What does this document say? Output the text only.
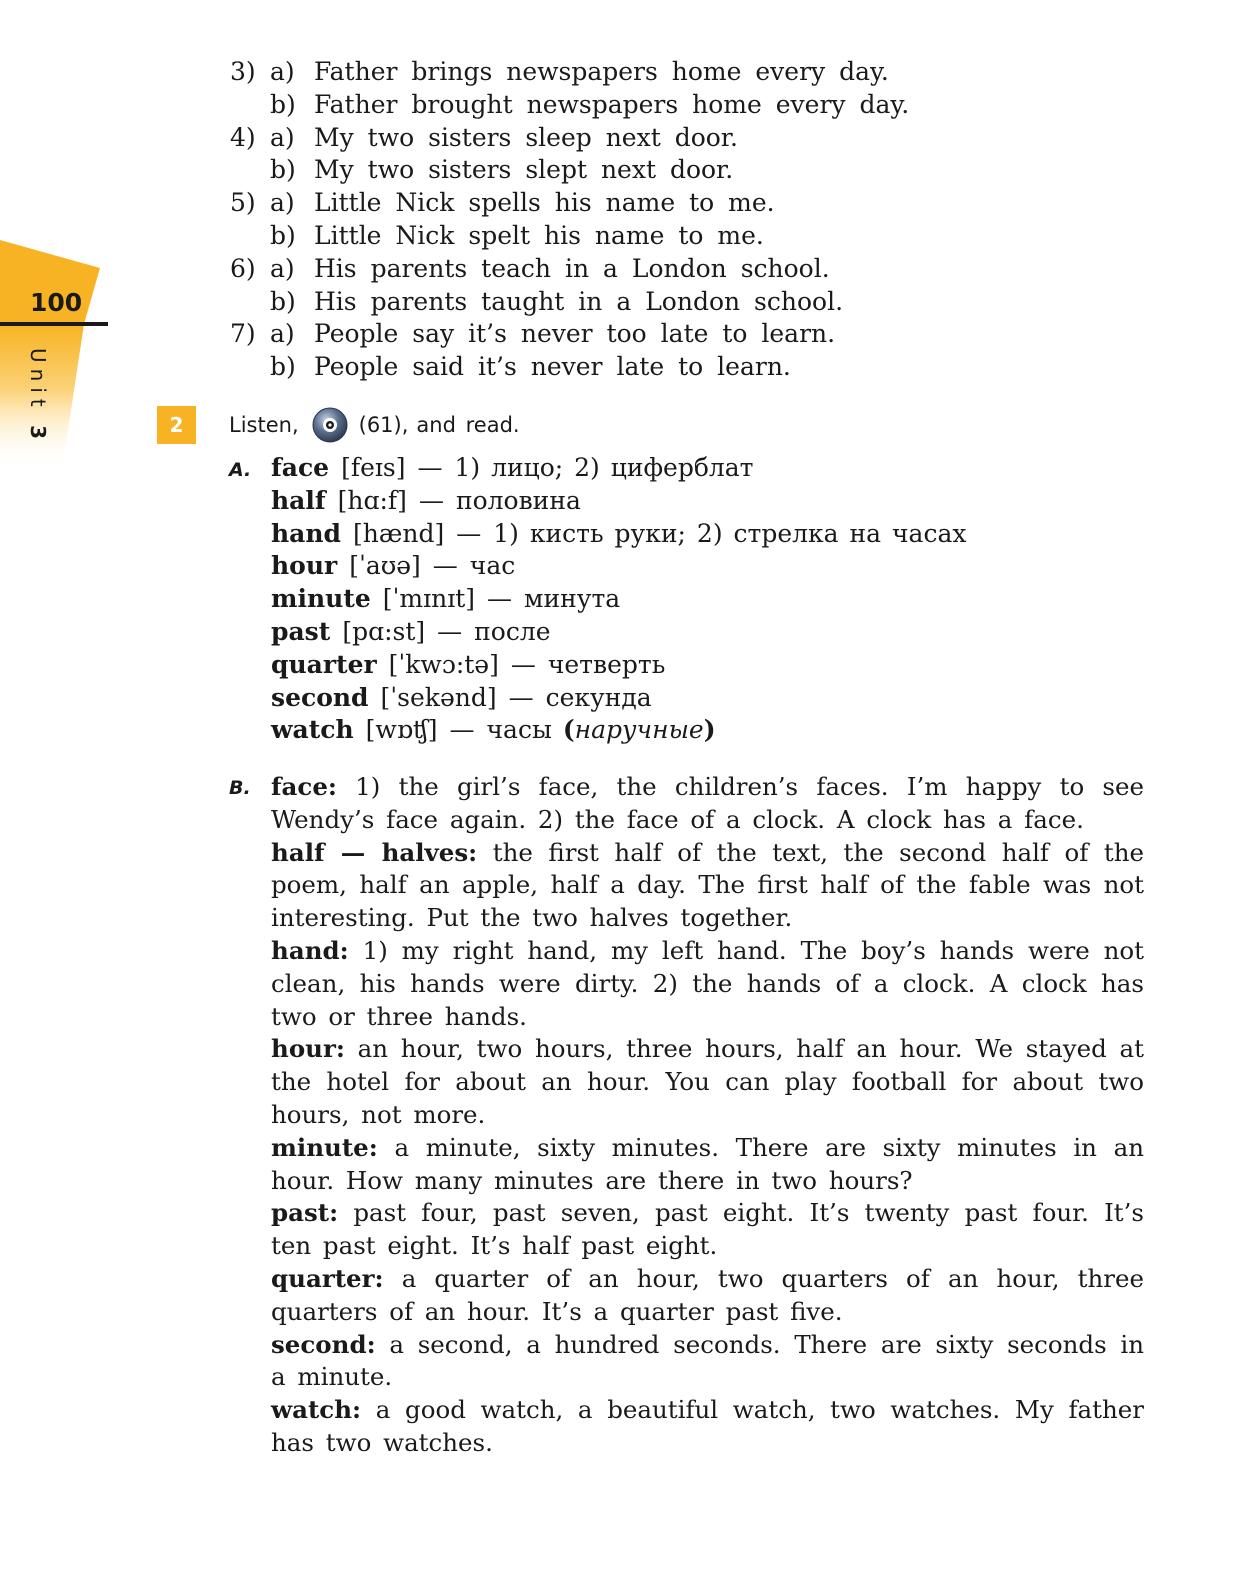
100
Unit 3
3) a) Father brings newspapers home every day.
b) Father brought newspapers home every day.
4) a) My two sisters sleep next door.
b) My two sisters slept next door.
5) a) Little Nick spells his name to me.
b) Little Nick spelt his name to me.
6) a) His parents teach in a London school.
b) His parents taught in a London school.
7) a) People say it’s never too late to learn.
b) People said it’s never late to learn.
2	Listen,	(61), and read.
A. face [feɪs] — 1) лицо; 2) циферблат
half [hɑ:f] — половина
hand [hænd] — 1) кисть руки; 2) стрелка на часах
hour [ˈaʊə] — час
minute [ˈmɪnɪt] — минута
past [pɑ:st] — после
quarter [ˈkwɔ:tə] — четверть
second [ˈsekənd] — секунда
watch [wɒʧ] — часы (наручные)
B. face: 1) the girl’s face, the children’s faces. I’m happy to see Wendy’s face again. 2) the face of a clock. A clock has a face.

half — halves: the first half of the text, the second half of the poem, half an apple, half a day. The first half of the fable was not interesting. Put the two halves together.

hand: 1) my right hand, my left hand. The boy’s hands were not clean, his hands were dirty. 2) the hands of a clock. A clock has two or three hands.

hour: an hour, two hours, three hours, half an hour. We stayed at the hotel for about an hour. You can play football for about two hours, not more.

minute: a minute, sixty minutes. There are sixty minutes in an hour. How many minutes are there in two hours?

past: past four, past seven, past eight. It’s twenty past four. It’s ten past eight. It’s half past eight.

quarter: a quarter of an hour, two quarters of an hour, three quarters of an hour. It’s a quarter past five.

second: a second, a hundred seconds. There are sixty seconds in a minute.

watch: a good watch, a beautiful watch, two watches. My father has two watches.
